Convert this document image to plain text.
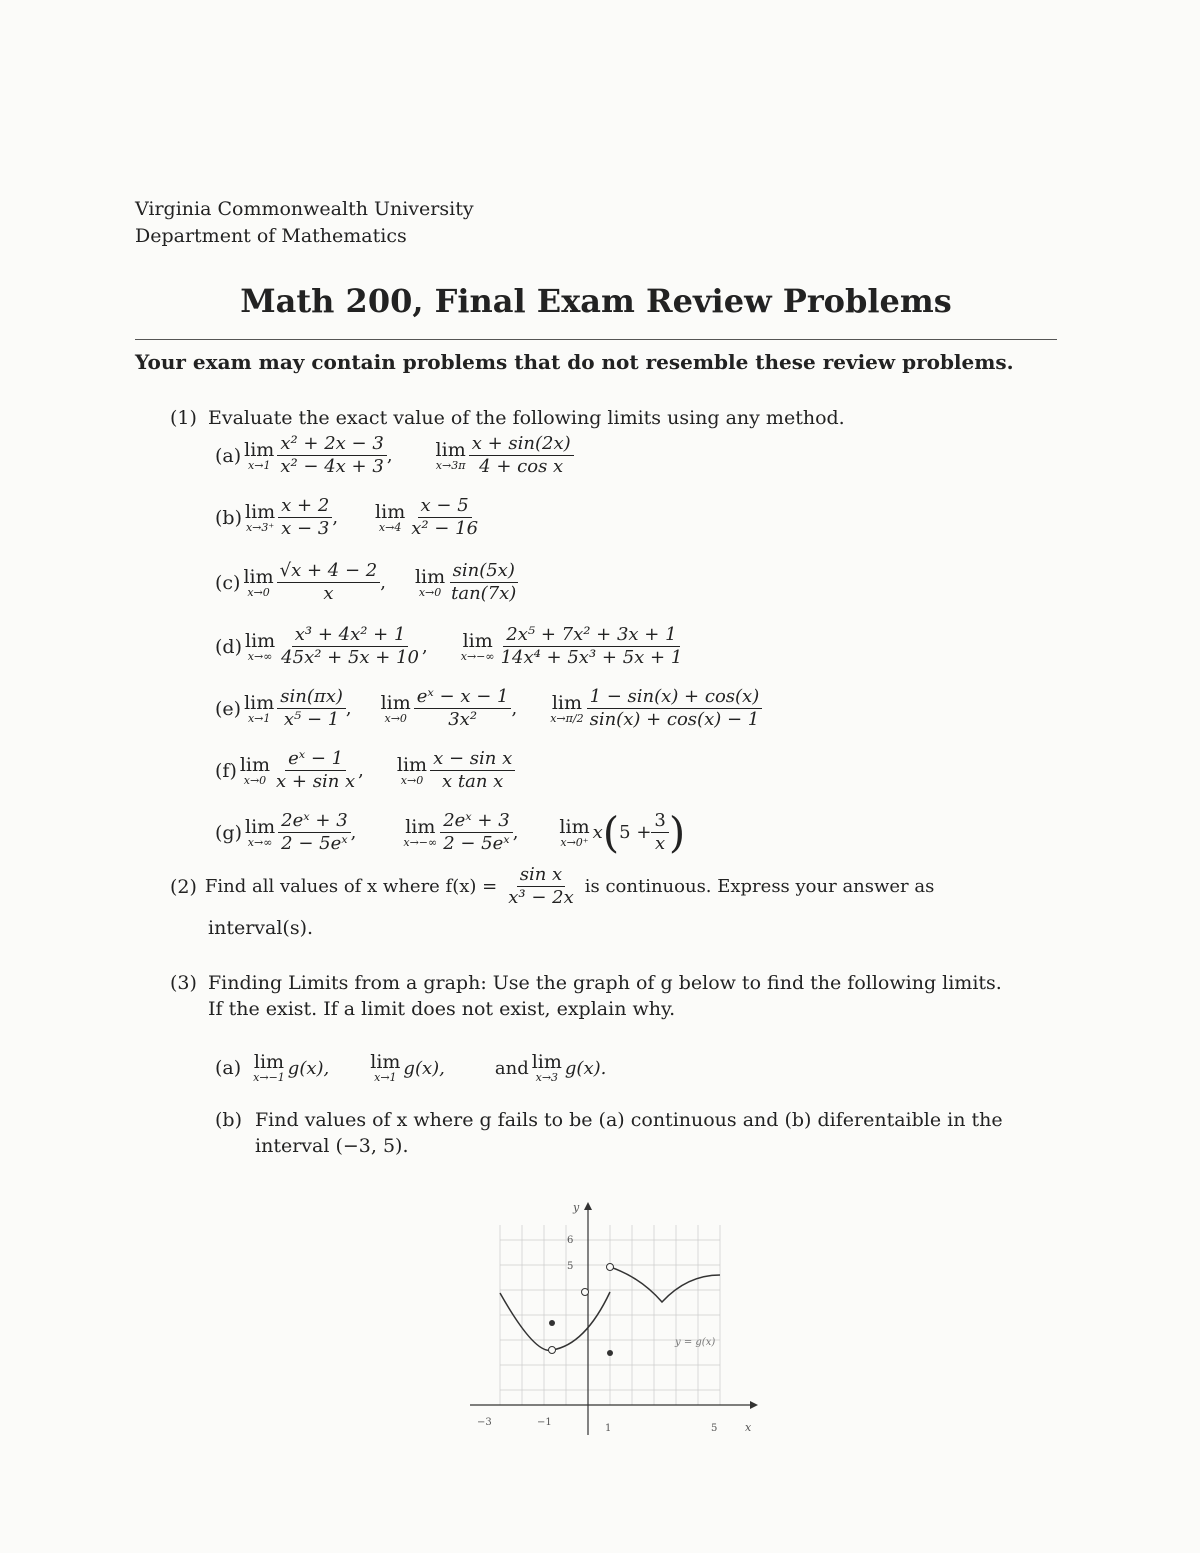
Virginia Commonwealth University
Department of Mathematics
Math 200, Final Exam Review Problems
Your exam may contain problems that do not resemble these review problems.
(1) Evaluate the exact value of the following limits using any method.
(a) lim
$x\to 1 \frac{\text{x² + 2x − 3}}{\text{x² − 4x + 3}}$ , lim
$x\to 3\pi \frac{x + \sin(2x)}{\text{4 + cos x}}$
(b) lim
$x\to 3^+ \frac{x + 2}{x - 3}$ , lim
$x\to 4 \frac{x - 5}{\text{x² − 16}}$
(c) lim
$x\to 0 \frac{√x + 4 - 2}{x}$ , lim
$x\to 0 \frac{\sin(5x)}{\tan(7x)}$
(d) lim
$x\to\infty \frac{\text{x³ + 4x² + 1}}{\text{45x² + 5x + 10}}$ , lim
$x\to-\infty \frac{\text{2x⁵ + 7x² + 3x + 1}}{\text{14x⁴ + 5x³ + 5x + 1}}$
(e) lim
$x\to 1 \frac{\sin(\pi x)}{\text{x⁵ − 1}}$ , lim
$x\to 0 \frac{\text{eˣ − x − 1}}{\text{3x²}}$ , lim
$x\to\pi/2 \frac{1 - \sin(x) + \cos(x)}{\sin(x) + \cos(x) - 1}$
(f) lim
$x\to 0 \frac{\text{eˣ − 1}}{\text{x + sin x}}$ , lim
$x\to 0 \frac{\text{x − sin x}}{\text{x tan x}}$
(g) lim
$x\to\infty \frac{\text{2eˣ + 3}}{\text{2 − 5eˣ}}$ ,	lim
$x\to-\infty \frac{\text{2eˣ + 3}}{\text{2 − 5eˣ}}$ , lim
x→0⁺ x ( $5 + \frac{3}{x}$ )
(2) Find all values of x where $f(x) = \frac{\text{sin x}}{\text{x³ − 2x}}$ is continuous. Express your answer as
interval(s).
(3) Finding Limits from a graph: Use the graph of g below to find the following limits.
If the exist. If a limit does not exist, explain why.
(a) lim
x→−1 g(x), lim
x→1 g(x),	and lim
x→3 g(x).
(b) Find values of x where g fails to be (a) continuous and (b) diferentaible in the
interval (−3, 5).
y
x
6
5
−3	−1
1	5
y = g(x)
